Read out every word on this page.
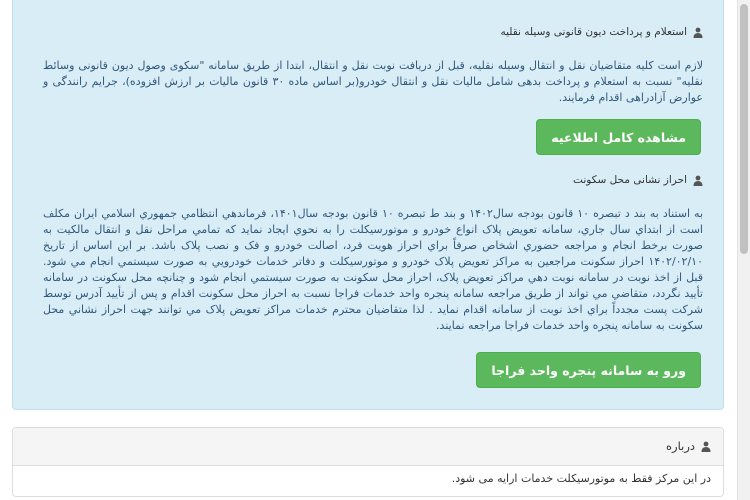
استعلام و پرداخت دیون قانونی وسیله نقلیه
لازم است کلیه متقاضیان نقل و انتقال وسیله نقلیه، قبل از دریافت نوبت نقل و انتقال، ابتدا از طریق سامانه "سکوی وصول دیون قانونی وسائط نقلیه" نسبت به استعلام و پرداخت بدهی شامل مالیات نقل و انتقال خودرو(بر اساس ماده ۳۰ قانون مالیات بر ارزش افزوده)، جرایم رانندگی و عوارض آزادراهی اقدام فرمایند.
مشاهده کامل اطلاعیه
احراز نشانی محل سکونت
به استناد به بند د تبصره ۱۰ قانون بودجه سال۱۴۰۲ و بند ط تبصره ۱۰ قانون بودجه سال۱۴۰۱، فرماندهي انتظامي جمهوري اسلامي ايران مکلف است از ابتداي سال جاري، سامانه تعويض پلاک انواع خودرو و موتورسيکلت را به نحوي ايجاد نمايد که تمامي مراحل نقل و انتقال مالکيت به صورت برخط انجام و مراجعه حضوري اشخاص صرفاً براي احراز هويت فرد، اصالت خودرو و فک و نصب پلاک باشد. بر اين اساس از تاريخ ۱۴۰۲/۰۲/۱۰ احراز سکونت مراجعين به مراکز تعويض پلاک خودرو و موتورسيکلت و دفاتر خدمات خودرويي به صورت سيستمي انجام مي شود. قبل از اخذ نوبت در سامانه نوبت دهي مراکز تعويض پلاک، احراز محل سکونت به صورت سيستمي انجام شود و چنانچه محل سکونت در سامانه تأييد نگردد، متقاضي مي تواند از طريق مراجعه سامانه پنجره واحد خدمات فراجا نسبت به احراز محل سکونت اقدام و پس از تأييد آدرس توسط شرکت پست مجدداً براي اخذ نوبت از سامانه اقدام نمايد . لذا متقاضيان محترم خدمات مراکز تعويض پلاک مي توانند جهت احراز نشاني محل سکونت به سامانه پنجره واحد خدمات فراجا مراجعه نمايند.
ورو به سامانه پنجره واحد فراجا
درباره
در این مرکز فقط به موتورسیکلت خدمات ارایه می شود.
